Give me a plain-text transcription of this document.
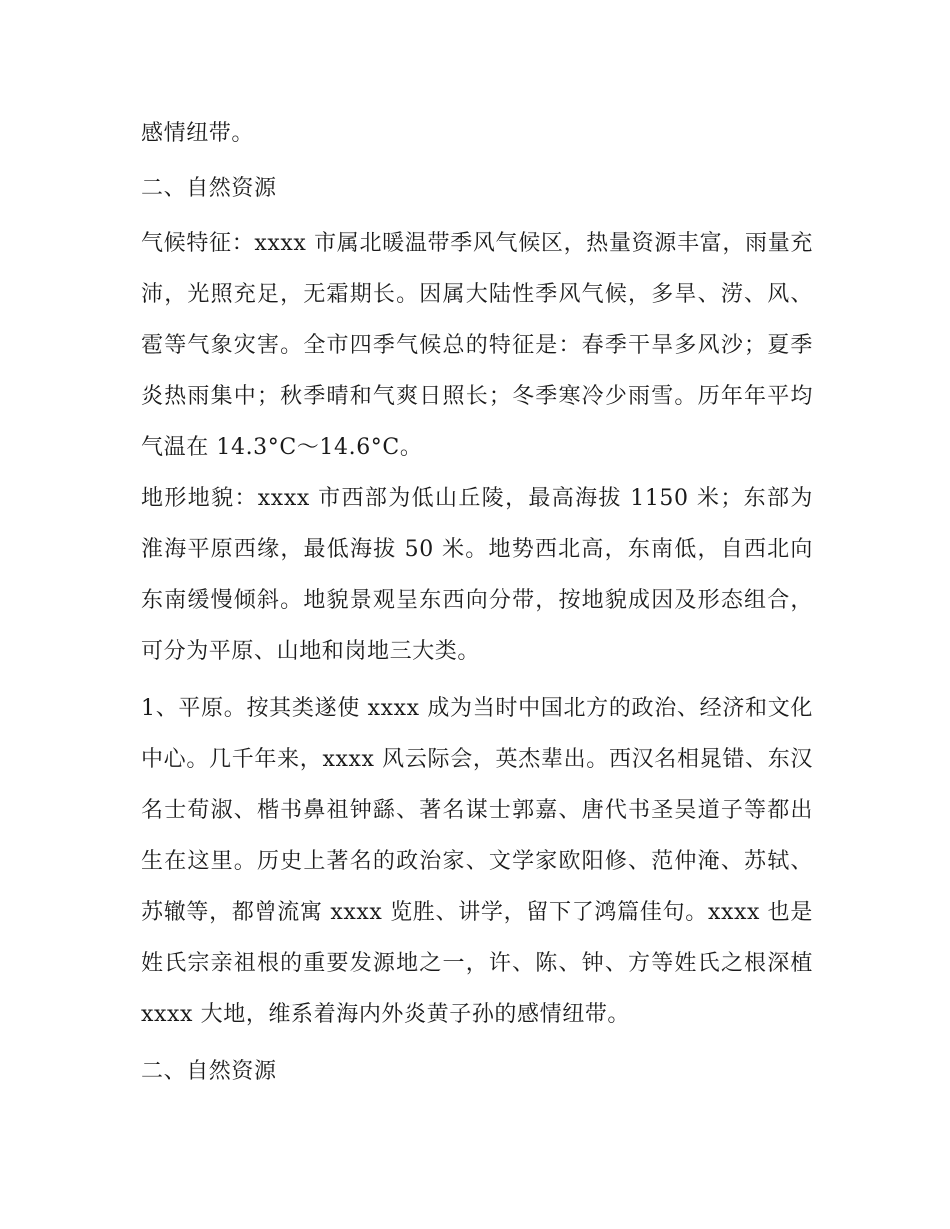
感情纽带。

二、自然资源

气候特征：xxxx 市属北暖温带季风气候区，热量资源丰富，雨量充沛，光照充足，无霜期长。因属大陆性季风气候，多旱、涝、风、雹等气象灾害。全市四季气候总的特征是：春季干旱多风沙；夏季炎热雨集中；秋季晴和气爽日照长；冬季寒冷少雨雪。历年年平均气温在 14.3°C～14.6°C。

地形地貌：xxxx 市西部为低山丘陵，最高海拔 1150 米；东部为淮海平原西缘，最低海拔 50 米。地势西北高，东南低，自西北向东南缓慢倾斜。地貌景观呈东西向分带，按地貌成因及形态组合，可分为平原、山地和岗地三大类。

1、平原。按其类遂使 xxxx 成为当时中国北方的政治、经济和文化中心。几千年来，xxxx 风云际会，英杰辈出。西汉名相晁错、东汉名士荀淑、楷书鼻祖钟繇、著名谋士郭嘉、唐代书圣吴道子等都出生在这里。历史上著名的政治家、文学家欧阳修、范仲淹、苏轼、苏辙等，都曾流寓 xxxx 览胜、讲学，留下了鸿篇佳句。xxxx 也是姓氏宗亲祖根的重要发源地之一，许、陈、钟、方等姓氏之根深植 xxxx 大地，维系着海内外炎黄子孙的感情纽带。

二、自然资源
